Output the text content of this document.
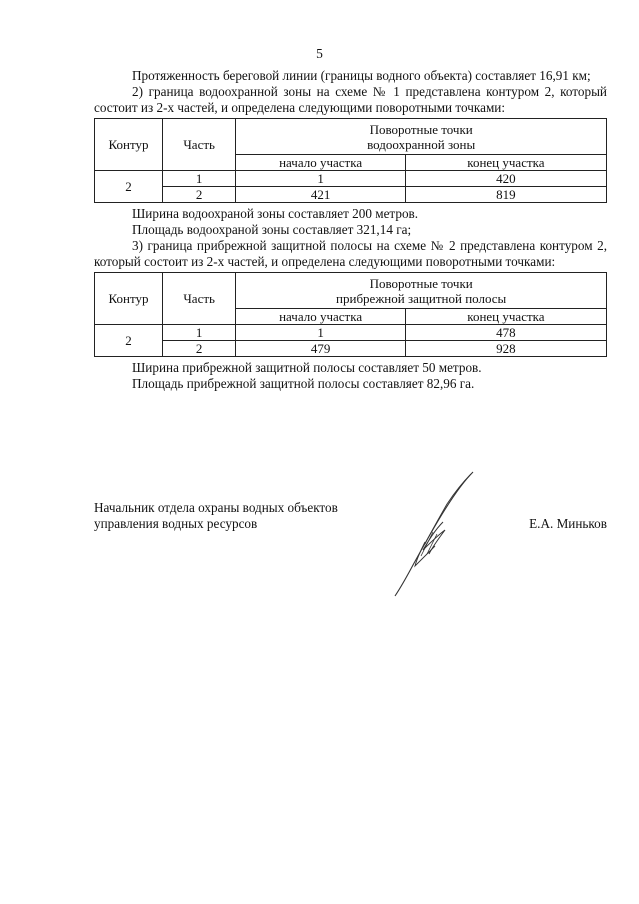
5

Протяженность береговой линии (границы водного объекта) составляет 16,91 км;

2) граница водоохранной зоны на схеме № 1 представлена контуром 2, который состоит из 2-х частей, и определена следующими поворотными точками:

Контур	Часть	Поворотные точки
водоохранной зоны	

		начало участка	конец участка
2	1	1	420
	2	421	819

Ширина водоохраной зоны составляет 200 метров.

Площадь водоохраной зоны составляет 321,14 га;

3) граница прибрежной защитной полосы на схеме № 2 представлена контуром 2, который состоит из 2-х частей, и определена следующими поворотными точками:

Контур	Часть	Поворотные точки
прибрежной защитной полосы	

		начало участка	конец участка
2	1	1	478
	2	479	928

Ширина прибрежной защитной полосы составляет 50 метров.

Площадь прибрежной защитной полосы составляет 82,96 га.

Начальник отдела охраны водных объектов
управления водных ресурсов	Е.А. Миньков
